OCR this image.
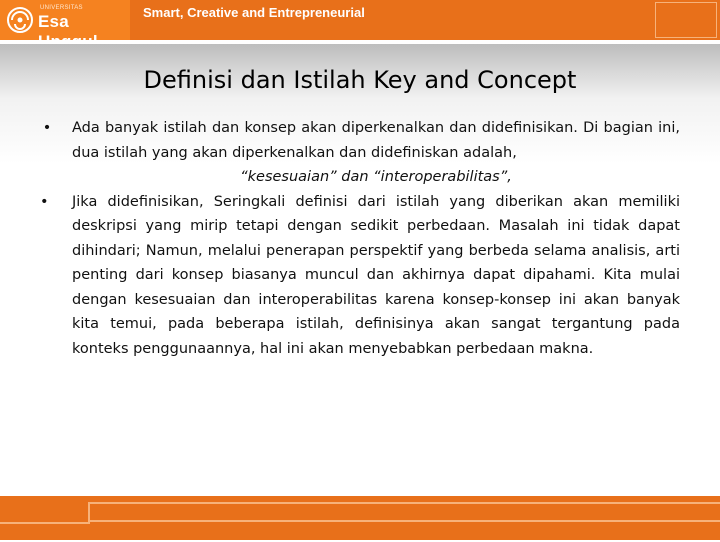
UNIVERSITAS
Esa	Smart, Creative and Entrepreneurial
Definisi dan Istilah Key and Concept
• Ada banyak istilah dan konsep akan diperkenalkan dan didefinisikan. Di bagian ini, dua istilah yang akan diperkenalkan dan didefiniskan adalah,
“kesesuaian” dan “interoperabilitas”,
•	Jika didefinisikan, Seringkali definisi dari istilah yang diberikan akan memiliki deskripsi yang mirip tetapi dengan sedikit perbedaan. Masalah ini tidak dapat dihindari; Namun, melalui penerapan perspektif yang berbeda selama analisis, arti penting dari konsep biasanya muncul dan akhirnya dapat dipahami. Kita mulai dengan kesesuaian dan interoperabilitas karena konsep-konsep ini akan banyak kita temui, pada beberapa istilah, definisinya akan sangat tergantung pada konteks penggunaannya, hal ini akan menyebabkan perbedaan makna.
